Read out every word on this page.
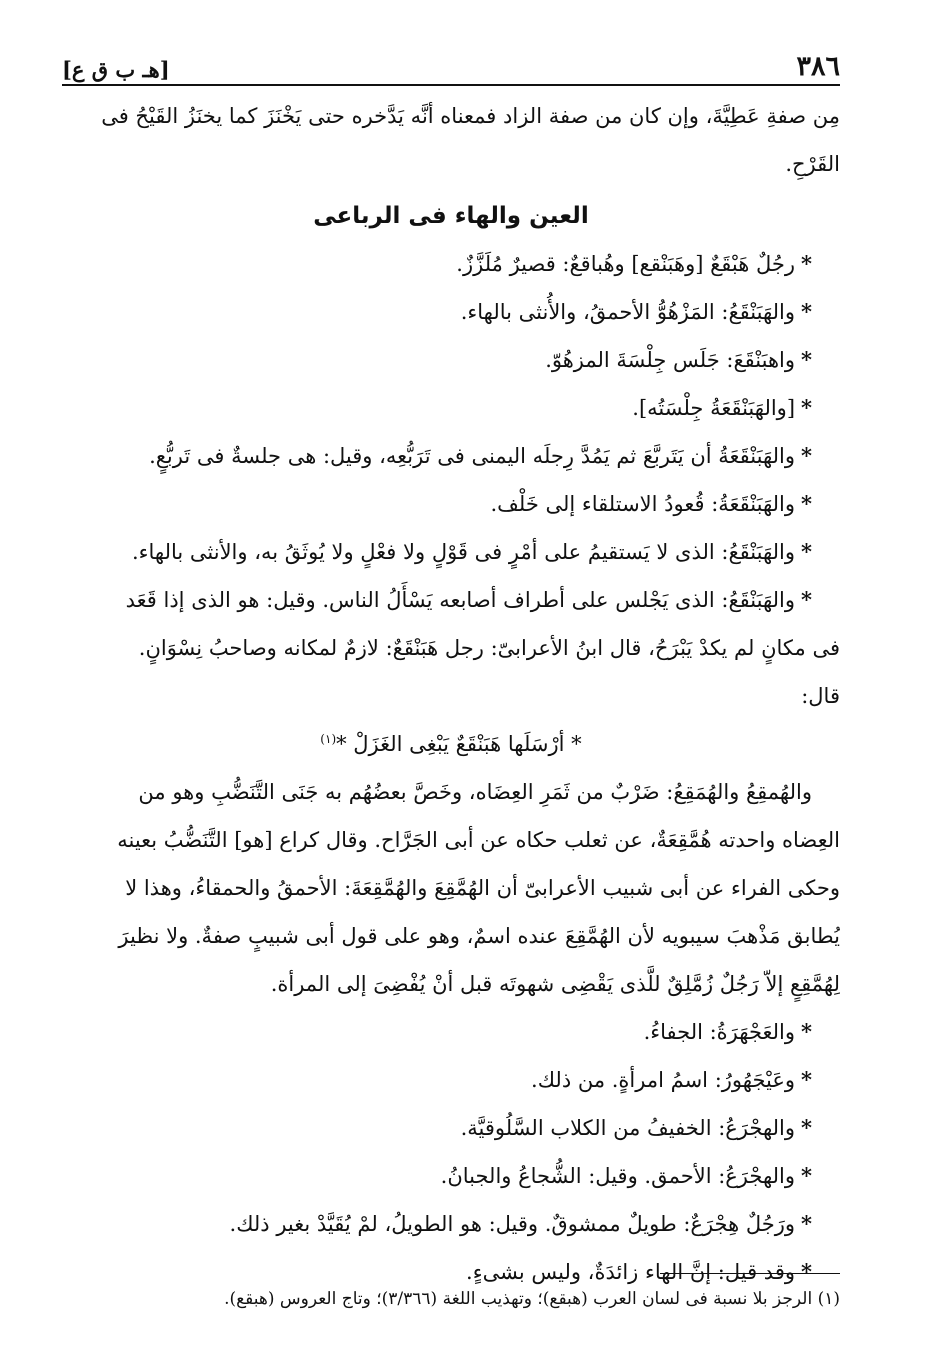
٣٨٦
[هـ ب ق ع]
مِن صفةِ عَطِيَّةَ، وإن كان من صفة الزاد فمعناه أنَّه يَدَّخره حتى يَخْنَزَ كما يخنَزُ القَيْحُ فى
القَرْحِ.
العين والهاء فى الرباعى
*رجُلٌ هَبْقَعٌ [وهَبَنْقع] وهُباقعٌ: قصيرٌ مُلَزَّزٌ.
*والهَبَنْقَعُ: المَزْهُوُّ الأحمقُ، والأُنثى بالهاء.
*واهبَنْقَعَ: جَلَس جِلْسَةَ المزهُوّ.
*[والهَبَنْقَعَةُ جِلْسَتُه].
*والهَبَنْقَعَةُ أن يَتَربَّعَ ثم يَمُدَّ رِجلَه اليمنى فى تَرَبُّعِه، وقيل: هى جلسةٌ فى تَربُّعٍ.
*والهَبَنْقَعَةُ: قُعودُ الاستلقاء إلى خَلْف.
*والهَبَنْقَعُ: الذى لا يَستقيمُ على أمْرٍ فى قَوْلٍ ولا فعْلٍ ولا يُوثَقُ به، والأنثى بالهاء.
*والهَبَنْقَعُ: الذى يَجْلس على أطراف أصابعه يَسْأَلُ الناس. وقيل: هو الذى إذا قَعَد
فى مكانٍ لم يكدْ يَبْرَحُ، قال ابنُ الأعرابىّ: رجل هَبَنْقَعٌ: لازمٌ لمكانه وصاحبُ نِسْوَانٍ.
قال:
* أرْسَلَها هَبَنْقَعٌ يَبْغِى الغَزَلْ *$^{(١)}$
والهُمقِعُ والهُمَقِعُ: ضَرْبٌ من ثَمَرِ العِضَاه، وخَصَّ بعضُهُم به جَنَى التَّنَضُّبِ وهو من
العِضاه واحدته هُمَّقِعَةٌ، عن ثعلب حكاه عن أبى الجَرَّاح. وقال كراع [هو] التَّنَضُّبُ بعينه
وحكى الفراء عن أبى شبيب الأعرابىّ أن الهُمَّقِعَ والهُمَّقِعَةَ: الأحمقُ والحمقاءُ، وهذا لا
يُطابق مَذْهبَ سيبويه لأن الهُمَّقِعَ عنده اسمٌ، وهو على قول أبى شبيبٍ صفةٌ. ولا نظيرَ
لِهُمَّقِعٍ إلاّ رَجُلٌ زُمَّلِقٌ للَّذى يَقْضِى شهوتَه قبل أنْ يُفْضِىَ إلى المرأة.
*والعَجْهَرَةُ: الجفاءُ.
*وعَيْجَهُورُ: اسمُ امرأةٍ. من ذلك.
*والهجْرَعُ: الخفيفُ من الكلاب السَّلُوقيَّة.
*والهجْرَعُ: الأحمق. وقيل: الشُّجاعُ والجبانُ.
*ورَجُلٌ هِجْرَعٌ: طويلٌ ممشوقٌ. وقيل: هو الطويلُ، لمْ يُقَيَّدْ بغير ذلك.
*وقد قيل: إنَّ الهاء زائدَةٌ، وليس بشىءٍ.
(١) الرجز بلا نسبة فى لسان العرب (هبقع)؛ وتهذيب اللغة (٣/٣٦٦)؛ وتاج العروس (هبقع).
